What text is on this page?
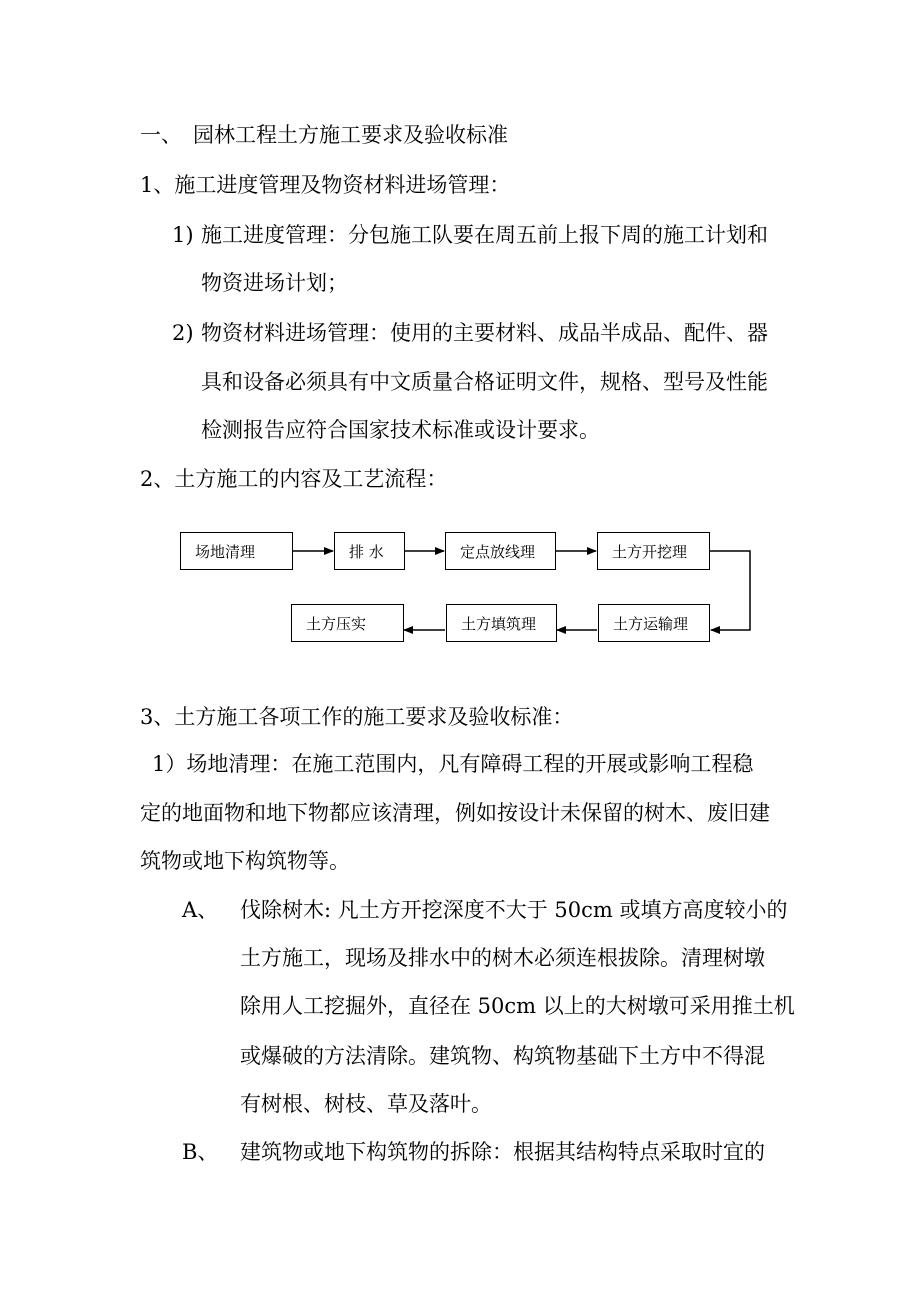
一、 园林工程土方施工要求及验收标准
1、施工进度管理及物资材料进场管理：
1) 施工进度管理：分包施工队要在周五前上报下周的施工计划和
物资进场计划；
2) 物资材料进场管理：使用的主要材料、成品半成品、配件、器
具和设备必须具有中文质量合格证明文件，规格、型号及性能
检测报告应符合国家技术标准或设计要求。
2、土方施工的内容及工艺流程：
场地清理	排 水	定点放线理	土方开挖理
土方运输理
土方填筑理
土方压实
3、土方施工各项工作的施工要求及验收标准：
1）场地清理：在施工范围内，凡有障碍工程的开展或影响工程稳
定的地面物和地下物都应该清理，例如按设计未保留的树木、废旧建
筑物或地下构筑物等。
A、 伐除树木: 凡土方开挖深度不大于 50cm 或填方高度较小的
土方施工，现场及排水中的树木必须连根拔除。清理树墩
除用人工挖掘外，直径在 50cm 以上的大树墩可采用推土机
或爆破的方法清除。建筑物、构筑物基础下土方中不得混
有树根、树枝、草及落叶。
B、 建筑物或地下构筑物的拆除：根据其结构特点采取时宜的
